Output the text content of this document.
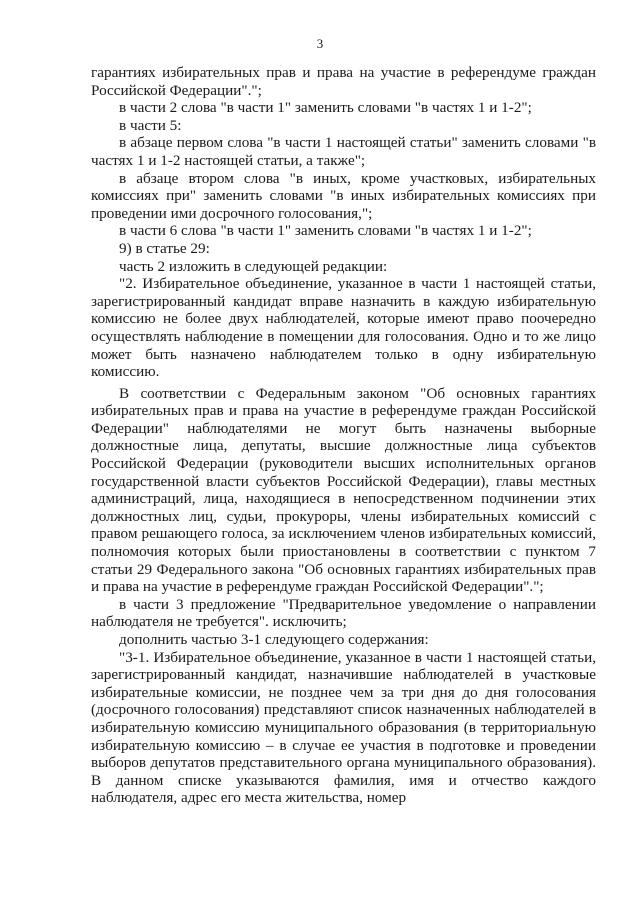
3

гарантиях избирательных прав и права на участие в референдуме граждан Российской Федерации".";

в части 2 слова "в части 1" заменить словами "в частях 1 и 1-2";

в части 5:

в абзаце первом слова "в части 1 настоящей статьи" заменить словами "в частях 1 и 1-2 настоящей статьи, а также";

в абзаце втором слова "в иных, кроме участковых, избирательных комиссиях при" заменить словами "в иных избирательных комиссиях при проведении ими досрочного голосования,";

в части 6 слова "в части 1" заменить словами "в частях 1 и 1-2";

9) в статье 29:

часть 2 изложить в следующей редакции:

"2. Избирательное объединение, указанное в части 1 настоящей статьи, зарегистрированный кандидат вправе назначить в каждую избирательную комиссию не более двух наблюдателей, которые имеют право поочередно осуществлять наблюдение в помещении для голосования. Одно и то же лицо может быть назначено наблюдателем только в одну избирательную комиссию.

В соответствии с Федеральным законом "Об основных гарантиях избирательных прав и права на участие в референдуме граждан Российской Федерации" наблюдателями не могут быть назначены выборные должностные лица, депутаты, высшие должностные лица субъектов Российской Федерации (руководители высших исполнительных органов государственной власти субъектов Российской Федерации), главы местных администраций, лица, находящиеся в непосредственном подчинении этих должностных лиц, судьи, прокуроры, члены избирательных комиссий с правом решающего голоса, за исключением членов избирательных комиссий, полномочия которых были приостановлены в соответствии с пунктом 7 статьи 29 Федерального закона "Об основных гарантиях избирательных прав и права на участие в референдуме граждан Российской Федерации".";

в части 3 предложение "Предварительное уведомление о направлении наблюдателя не требуется". исключить;

дополнить частью 3-1 следующего содержания:

"3-1. Избирательное объединение, указанное в части 1 настоящей статьи, зарегистрированный кандидат, назначившие наблюдателей в участковые избирательные комиссии, не позднее чем за три дня до дня голосования (досрочного голосования) представляют список назначенных наблюдателей в избирательную комиссию муниципального образования (в территориальную избирательную комиссию – в случае ее участия в подготовке и проведении выборов депутатов представительного органа муниципального образования). В данном списке указываются фамилия, имя и отчество каждого наблюдателя, адрес его места жительства, номер
